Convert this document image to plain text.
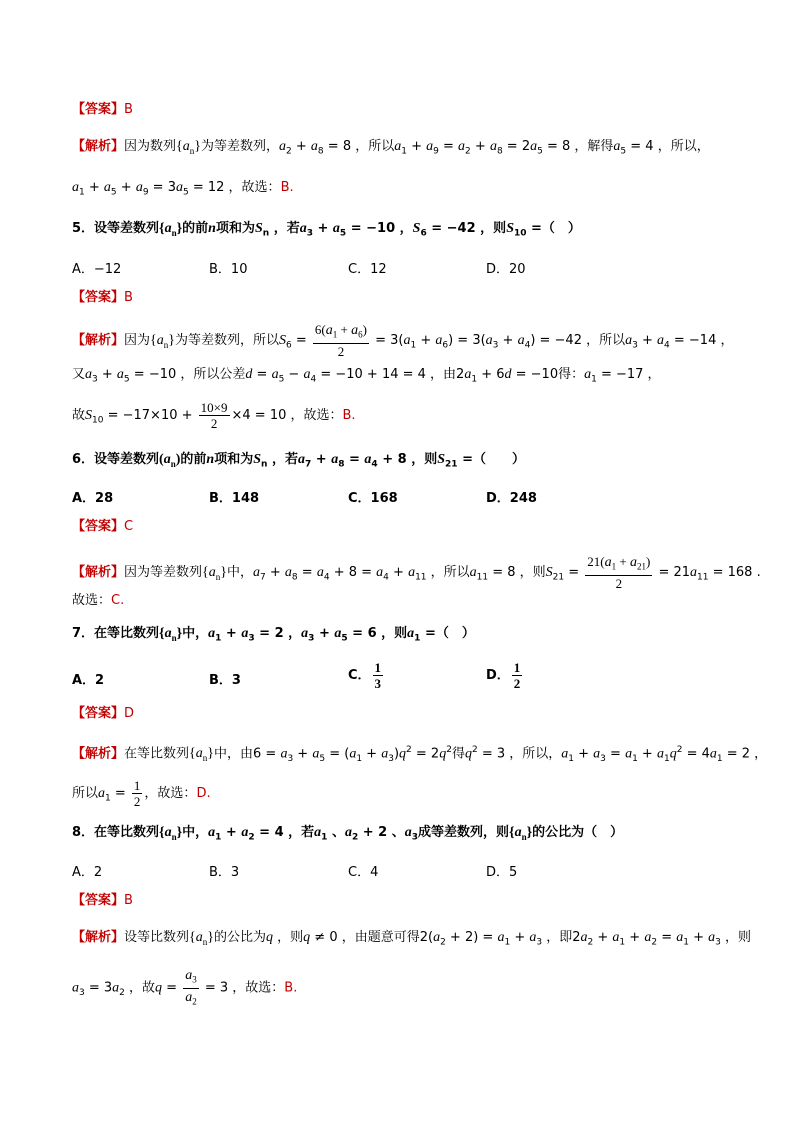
【答案】B
【解析】因为数列$\{a_n\}$为等差数列，$a_2 + a_8 = 8$ ，所以$a_1 + a_9 = a_2 + a_8 = 2a_5 = 8$ ，解得$a_5 = 4$ ，所以，
$a_1 + a_5 + a_9 = 3a_5 = 12$ ，故选：B.
5．设等差数列$\{a_n\}$的前n项和为$S_n$ ，若$a_3 + a_5 = -10$ ，$S_6 = -42$ ，则$S_{10}$ =（　）
A．−12	B．10	C．12	D．20
【答案】B
【解析】因为$\{a_n\}$为等差数列，所以$S_6 = \frac{6(a_1 + a_6)}{2} = 3(a_1 + a_6) = 3(a_3 + a_4) = -42$ ，所以$a_3 + a_4 = -14$ ，
又$a_3 + a_5 = -10$ ，所以公差$d = a_5 - a_4 = -10 + 14 = 4$ ，由$2a_1 + 6d = -10$得：$a_1 = -17$ ，
故$S_{10} = -17\times 10 + \frac{10\times 9}{2} \times 4 = 10$ ，故选：B.
6．设等差数列$(a_n)$的前n项和为$S_n$ ，若$a_7 + a_8 = a_4 + 8$ ，则$S_{21}$ =（　　）
A．28	B．148	C．168	D．248
【答案】C
【解析】因为等差数列$\{a_n\}$中，$a_7 + a_8 = a_4 + 8 = a_4 + a_{11}$ ，所以$a_{11} = 8$ ，则$S_{21} = \frac{21(a_1 + a_{21})}{2} = 21a_{11} = 168$ .
故选：C.
7．在等比数列$\{a_n\}$中，$a_1 + a_3 = 2$ ，$a_3 + a_5 = 6$ ，则$a_1$ =（　）
A．2	B．3	C． $\frac{1}{3}$	D． $\frac{1}{2}$
【答案】D
【解析】在等比数列$\{a_n\}$中，由$6 = a_3 + a_5 = (a_1 + a_3)q^2 = 2q^2$得$q^2 = 3$ ，所以，$a_1 + a_3 = a_1 + a_1q^2 = 4a_1 = 2$ ，
所以$a_1 = \frac{1}{2}$ ，故选：D.
8．在等比数列$\{a_n\}$中，$a_1 + a_2 = 4$ ，若$a_1$ 、$a_2 + 2$ 、$a_3$成等差数列，则$\{a_n\}$的公比为（　）
A．2	B．3	C．4	D．5
【答案】B
【解析】设等比数列$\{a_n\}$的公比为q ，则q ≠ 0 ，由题意可得$2(a_2 + 2) = a_1 + a_3$ ，即$2a_2 + a_1 + a_2 = a_1 + a_3$ ，则
$a_3 = 3a_2$ ，故$q = \frac{a_3}{a_2} = 3$ ，故选：B.
